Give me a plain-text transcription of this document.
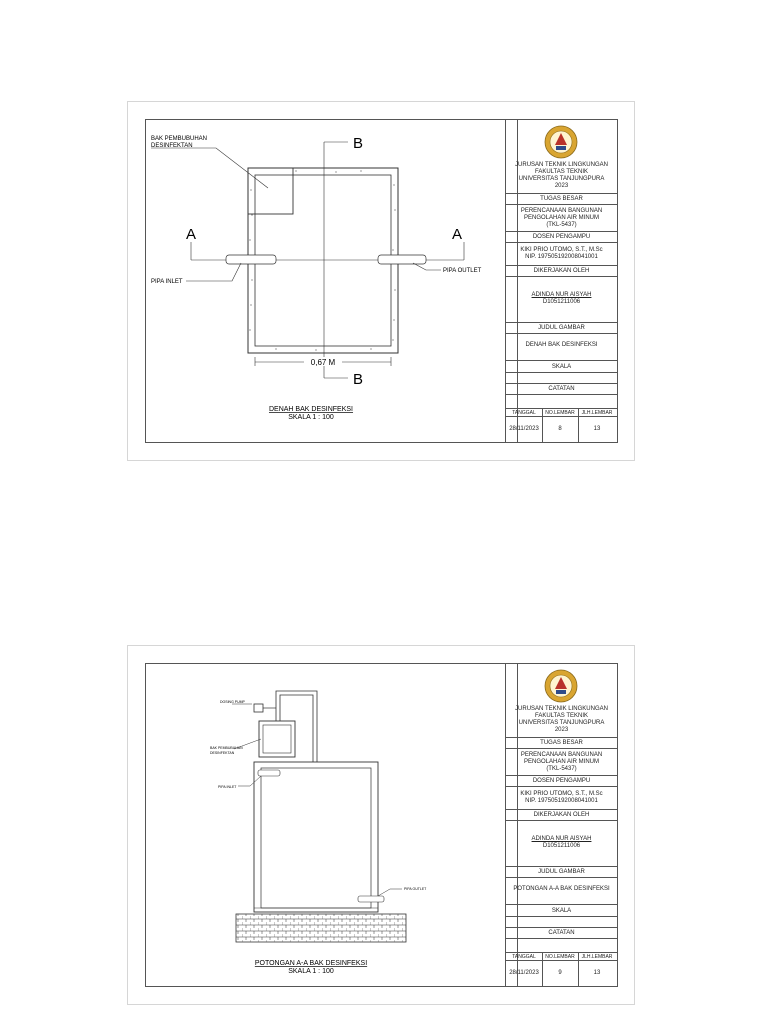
BAK PEMBUBUHAN
DESINFEKTAN	B
B
A	A
PIPA INLET
PIPA OUTLET
0,67 M
DENAH BAK DESINFEKSI
SKALA 1 : 100
JURUSAN TEKNIK LINGKUNGAN
FAKULTAS TEKNIK
UNIVERSITAS TANJUNGPURA
2023
TUGAS BESAR
PERENCANAAN BANGUNAN
PENGOLAHAN AIR MINUM
(TKL-5437)
DOSEN PENGAMPU
KIKI PRIO UTOMO, S.T., M.Sc
NIP. 197505192008041001
DIKERJAKAN OLEH
ADINDA NUR AISYAH
D1051211006
JUDUL GAMBAR
DENAH BAK DESINFEKSI
SKALA
CATATAN
TANGGAL	NO.LEMBAR	JLH.LEMBAR
28/11/2023	8	13
DOSING PUMP
BAK PEMBUBUHAN
DESINFEKTAN
PIPA INLET
PIPA OUTLET
POTONGAN A-A BAK DESINFEKSI
SKALA 1 : 100
JURUSAN TEKNIK LINGKUNGAN
FAKULTAS TEKNIK
UNIVERSITAS TANJUNGPURA
2023
TUGAS BESAR
PERENCANAAN BANGUNAN
PENGOLAHAN AIR MINUM
(TKL-5437)
DOSEN PENGAMPU
KIKI PRIO UTOMO, S.T., M.Sc
NIP. 197505192008041001
DIKERJAKAN OLEH
ADINDA NUR AISYAH
D1051211006
JUDUL GAMBAR
POTONGAN A-A BAK DESINFEKSI
SKALA
CATATAN
TANGGAL	NO.LEMBAR	JLH.LEMBAR
28/11/2023	9	13
